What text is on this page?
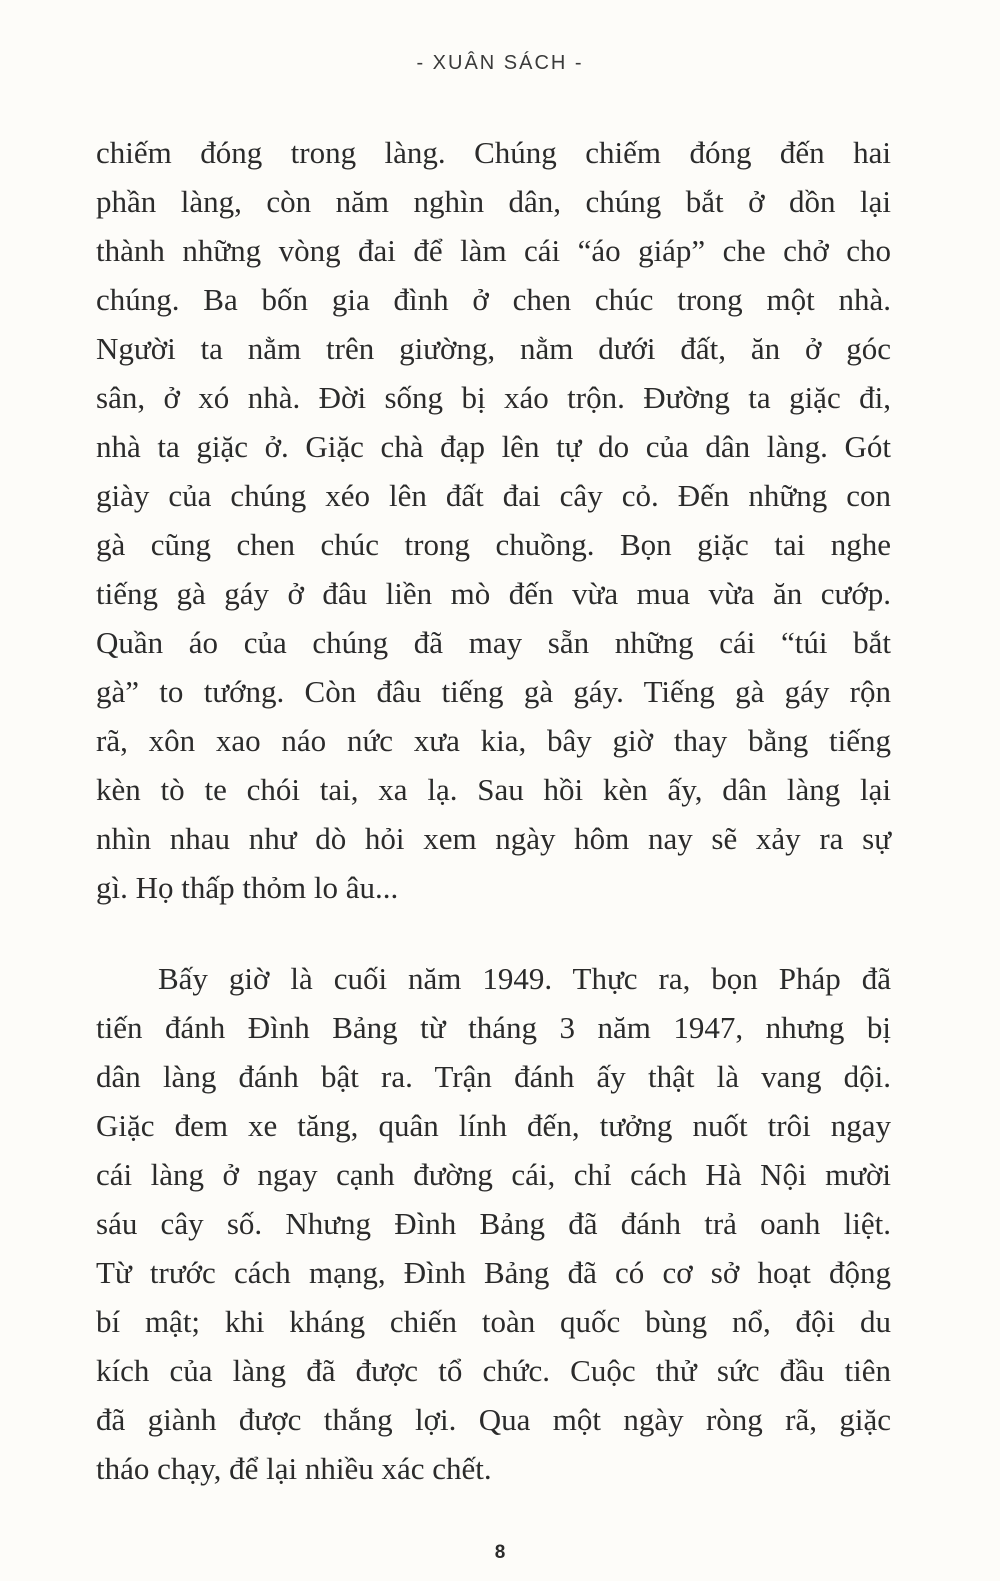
- XUÂN SÁCH -
chiếm đóng trong làng. Chúng chiếm đóng đến hai
phần làng, còn năm nghìn dân, chúng bắt ở dồn lại
thành những vòng đai để làm cái “áo giáp” che chở cho
chúng. Ba bốn gia đình ở chen chúc trong một nhà.
Người ta nằm trên giường, nằm dưới đất, ăn ở góc
sân, ở xó nhà. Đời sống bị xáo trộn. Đường ta giặc đi,
nhà ta giặc ở. Giặc chà đạp lên tự do của dân làng. Gót
giày của chúng xéo lên đất đai cây cỏ. Đến những con
gà cũng chen chúc trong chuồng. Bọn giặc tai nghe
tiếng gà gáy ở đâu liền mò đến vừa mua vừa ăn cướp.
Quần áo của chúng đã may sẵn những cái “túi bắt
gà” to tướng. Còn đâu tiếng gà gáy. Tiếng gà gáy rộn
rã, xôn xao náo nức xưa kia, bây giờ thay bằng tiếng
kèn tò te chói tai, xa lạ. Sau hồi kèn ấy, dân làng lại
nhìn nhau như dò hỏi xem ngày hôm nay sẽ xảy ra sự
gì. Họ thấp thỏm lo âu...
Bấy giờ là cuối năm 1949. Thực ra, bọn Pháp đã
tiến đánh Đình Bảng từ tháng 3 năm 1947, nhưng bị
dân làng đánh bật ra. Trận đánh ấy thật là vang dội.
Giặc đem xe tăng, quân lính đến, tưởng nuốt trôi ngay
cái làng ở ngay cạnh đường cái, chỉ cách Hà Nội mười
sáu cây số. Nhưng Đình Bảng đã đánh trả oanh liệt.
Từ trước cách mạng, Đình Bảng đã có cơ sở hoạt động
bí mật; khi kháng chiến toàn quốc bùng nổ, đội du
kích của làng đã được tổ chức. Cuộc thử sức đầu tiên
đã giành được thắng lợi. Qua một ngày ròng rã, giặc
tháo chạy, để lại nhiều xác chết.
8
